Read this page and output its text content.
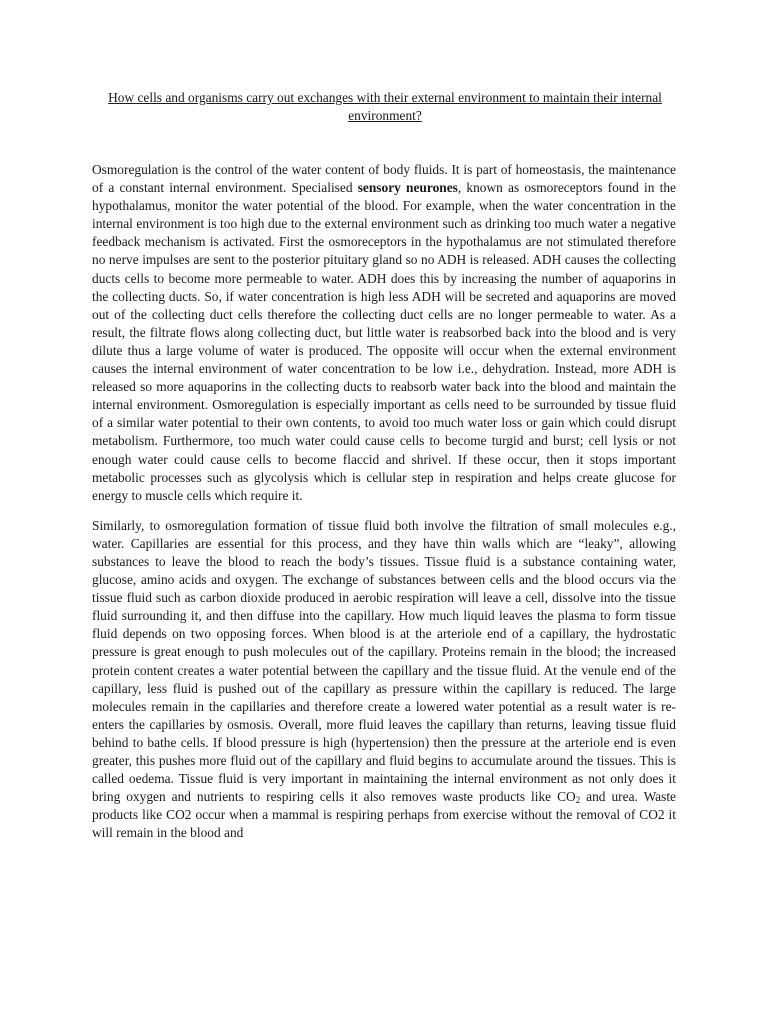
How cells and organisms carry out exchanges with their external environment to maintain their internal environment?

Osmoregulation is the control of the water content of body fluids. It is part of homeostasis, the maintenance of a constant internal environment. Specialised sensory neurones, known as osmoreceptors found in the hypothalamus, monitor the water potential of the blood. For example, when the water concentration in the internal environment is too high due to the external environment such as drinking too much water a negative feedback mechanism is activated. First the osmoreceptors in the hypothalamus are not stimulated therefore no nerve impulses are sent to the posterior pituitary gland so no ADH is released. ADH causes the collecting ducts cells to become more permeable to water. ADH does this by increasing the number of aquaporins in the collecting ducts. So, if water concentration is high less ADH will be secreted and aquaporins are moved out of the collecting duct cells therefore the collecting duct cells are no longer permeable to water. As a result, the filtrate flows along collecting duct, but little water is reabsorbed back into the blood and is very dilute thus a large volume of water is produced. The opposite will occur when the external environment causes the internal environment of water concentration to be low i.e., dehydration. Instead, more ADH is released so more aquaporins in the collecting ducts to reabsorb water back into the blood and maintain the internal environment. Osmoregulation is especially important as cells need to be surrounded by tissue fluid of a similar water potential to their own contents, to avoid too much water loss or gain which could disrupt metabolism. Furthermore, too much water could cause cells to become turgid and burst; cell lysis or not enough water could cause cells to become flaccid and shrivel. If these occur, then it stops important metabolic processes such as glycolysis which is cellular step in respiration and helps create glucose for energy to muscle cells which require it.

Similarly, to osmoregulation formation of tissue fluid both involve the filtration of small molecules e.g., water. Capillaries are essential for this process, and they have thin walls which are “leaky”, allowing substances to leave the blood to reach the body’s tissues. Tissue fluid is a substance containing water, glucose, amino acids and oxygen. The exchange of substances between cells and the blood occurs via the tissue fluid such as carbon dioxide produced in aerobic respiration will leave a cell, dissolve into the tissue fluid surrounding it, and then diffuse into the capillary. How much liquid leaves the plasma to form tissue fluid depends on two opposing forces. When blood is at the arteriole end of a capillary, the hydrostatic pressure is great enough to push molecules out of the capillary. Proteins remain in the blood; the increased protein content creates a water potential between the capillary and the tissue fluid. At the venule end of the capillary, less fluid is pushed out of the capillary as pressure within the capillary is reduced. The large molecules remain in the capillaries and therefore create a lowered water potential as a result water is re-enters the capillaries by osmosis. Overall, more fluid leaves the capillary than returns, leaving tissue fluid behind to bathe cells. If blood pressure is high (hypertension) then the pressure at the arteriole end is even greater, this pushes more fluid out of the capillary and fluid begins to accumulate around the tissues. This is called oedema. Tissue fluid is very important in maintaining the internal environment as not only does it bring oxygen and nutrients to respiring cells it also removes waste products like $CO_2$ and urea. Waste products like CO2 occur when a mammal is respiring perhaps from exercise without the removal of CO2 it will remain in the blood and
